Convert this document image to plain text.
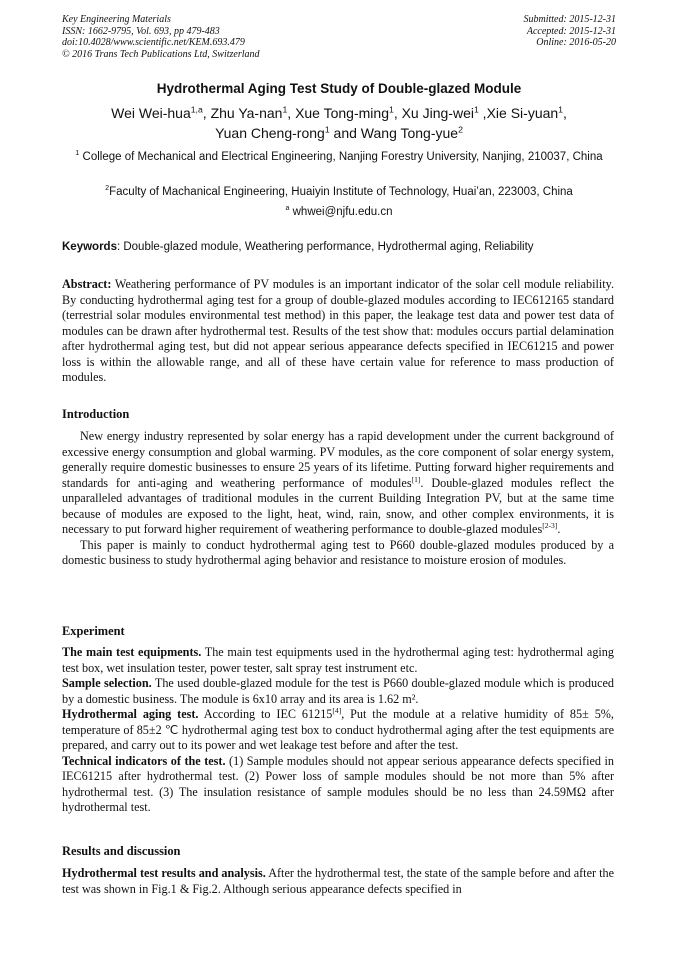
Key Engineering Materials
ISSN: 1662-9795, Vol. 693, pp 479-483
doi:10.4028/www.scientific.net/KEM.693.479
© 2016 Trans Tech Publications Ltd, Switzerland
Submitted: 2015-12-31
Accepted: 2015-12-31
Online: 2016-05-20
Hydrothermal Aging Test Study of Double-glazed Module
Wei Wei-hua$^{1,a}$, Zhu Ya-nan$^1$, Xue Tong-ming$^1$, Xu Jing-wei$^1$ ,Xie Si-yuan$^1$,
Yuan Cheng-rong$^1$ and Wang Tong-yue$^2$
$^1$ College of Mechanical and Electrical Engineering, Nanjing Forestry University, Nanjing, 210037, China
$^2$Faculty of Machanical Engineering, Huaiyin Institute of Technology, Huai’an, 223003, China
$^a$ whwei@njfu.edu.cn
Keywords: Double-glazed module, Weathering performance, Hydrothermal aging, Reliability

Abstract: Weathering performance of PV modules is an important indicator of the solar cell module reliability. By conducting hydrothermal aging test for a group of double-glazed modules according to IEC612165 standard (terrestrial solar modules environmental test method) in this paper, the leakage test data and power test data of modules can be drawn after hydrothermal test. Results of the test show that: modules occurs partial delamination after hydrothermal aging test, but did not appear serious appearance defects specified in IEC61215 and power loss is within the allowable range, and all of these have certain value for reference to mass production of modules.

Introduction

New energy industry represented by solar energy has a rapid development under the current background of excessive energy consumption and global warming. PV modules, as the core component of solar energy system, generally require domestic businesses to ensure 25 years of its lifetime. Putting forward higher requirements and standards for anti-aging and weathering performance of modules[1]. Double-glazed modules reflect the unparalleled advantages of traditional modules in the current Building Integration PV, but at the same time because of modules are exposed to the light, heat, wind, rain, snow, and other complex environments, it is necessary to put forward higher requirement of weathering performance to double-glazed modules[2-3].

This paper is mainly to conduct hydrothermal aging test to P660 double-glazed modules produced by a domestic business to study hydrothermal aging behavior and resistance to moisture erosion of modules.

Experiment

The main test equipments. The main test equipments used in the hydrothermal aging test: hydrothermal aging test box, wet insulation tester, power tester, salt spray test instrument etc.

Sample selection. The used double-glazed module for the test is P660 double-glazed module which is produced by a domestic business. The module is 6x10 array and its area is 1.62 m².

Hydrothermal aging test. According to IEC 61215[4], Put the module at a relative humidity of 85± 5%, temperature of 85±2 ℃ hydrothermal aging test box to conduct hydrothermal aging after the test equipments are prepared, and carry out to its power and wet leakage test before and after the test.

Technical indicators of the test. (1) Sample modules should not appear serious appearance defects specified in IEC61215 after hydrothermal test. (2) Power loss of sample modules should be not more than 5% after hydrothermal test. (3) The insulation resistance of sample modules should be no less than 24.59MΩ after hydrothermal test.

Results and discussion

Hydrothermal test results and analysis. After the hydrothermal test, the state of the sample before and after the test was shown in Fig.1 & Fig.2. Although serious appearance defects specified in
